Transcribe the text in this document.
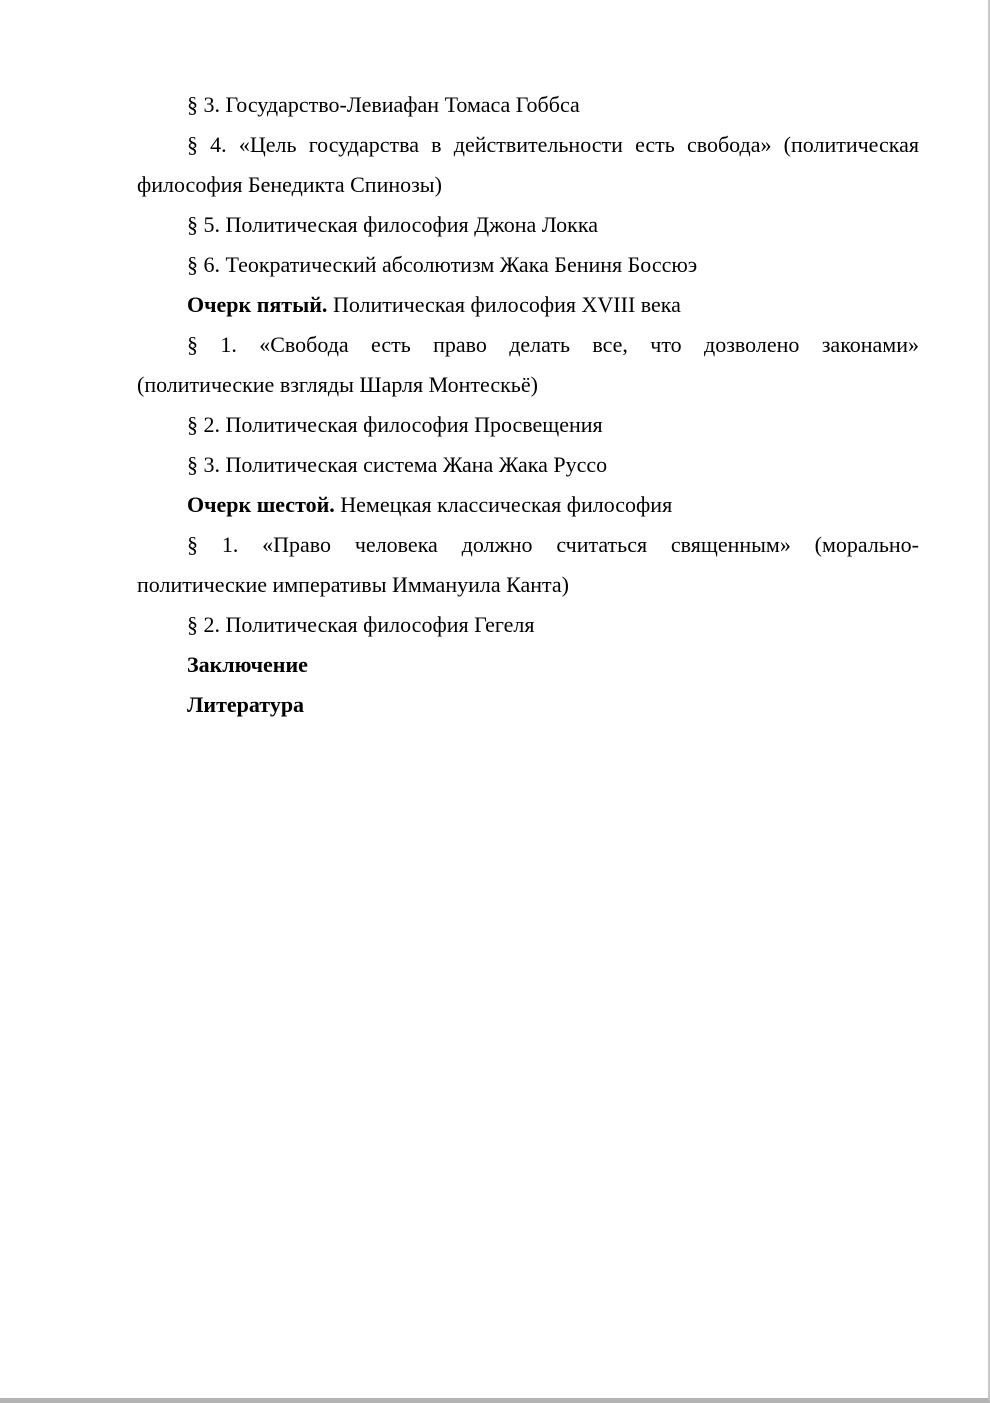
§ 3. Государство-Левиафан Томаса Гоббса

§ 4. «Цель государства в действительности есть свобода» (политическая

философия Бенедикта Спинозы)

§ 5. Политическая философия Джона Локка

§ 6. Теократический абсолютизм Жака Бениня Боссюэ

Очерк пятый. Политическая философия XVIII века

§ 1. «Свобода есть право делать все, что дозволено законами»

(политические взгляды Шарля Монтескьё)

§ 2. Политическая философия Просвещения

§ 3. Политическая система Жана Жака Руссо

Очерк шестой. Немецкая классическая философия

§ 1. «Право человека должно считаться священным» (морально-

политические императивы Иммануила Канта)

§ 2. Политическая философия Гегеля

Заключение

Литература
